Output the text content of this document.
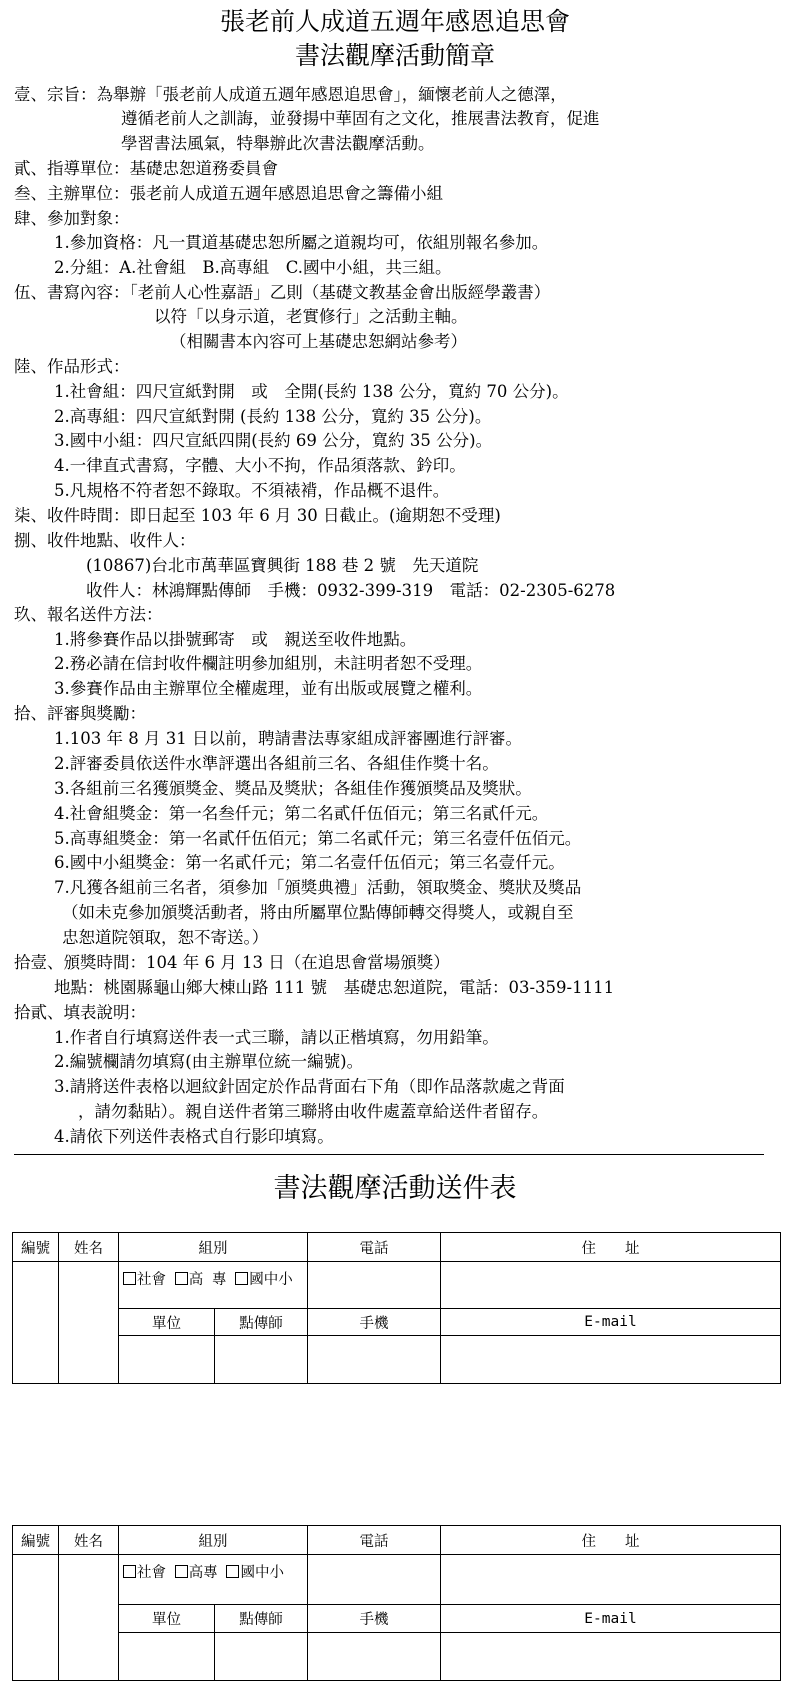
張老前人成道五週年感恩追思會
書法觀摩活動簡章
壹、宗旨：為舉辦「張老前人成道五週年感恩追思會」，緬懷老前人之德澤，
遵循老前人之訓誨，並發揚中華固有之文化，推展書法教育，促進
學習書法風氣，特舉辦此次書法觀摩活動。
貳、指導單位：基礎忠恕道務委員會
叁、主辦單位：張老前人成道五週年感恩追思會之籌備小組
肆、參加對象：
1.參加資格：凡一貫道基礎忠恕所屬之道親均可，依組別報名參加。
2.分組：A.社會組　B.高專組　C.國中小組，共三組。
伍、書寫內容：「老前人心性嘉語」乙則（基礎文教基金會出版經學叢書）
以符「以身示道，老實修行」之活動主軸。
（相關書本內容可上基礎忠恕網站參考）
陸、作品形式：
1.社會組：四尺宣紙對開　或　全開(長約 138 公分，寬約 70 公分)。
2.高專組：四尺宣紙對開 (長約 138 公分，寬約 35 公分)。
3.國中小組：四尺宣紙四開(長約 69 公分，寬約 35 公分)。
4.一律直式書寫，字體、大小不拘，作品須落款、鈐印。
5.凡規格不符者恕不錄取。不須裱褙，作品概不退件。
柒、收件時間：即日起至 103 年 6 月 30 日截止。(逾期恕不受理)
捌、收件地點、收件人：
(10867)台北市萬華區寶興街 188 巷 2 號　先天道院
收件人：林鴻輝點傳師　手機：0932-399-319　電話：02-2305-6278
玖、報名送件方法：
1.將參賽作品以掛號郵寄　或　親送至收件地點。
2.務必請在信封收件欄註明參加組別，未註明者恕不受理。
3.參賽作品由主辦單位全權處理，並有出版或展覽之權利。
拾、評審與獎勵：
1.103 年 8 月 31 日以前，聘請書法專家組成評審團進行評審。
2.評審委員依送件水準評選出各組前三名、各組佳作獎十名。
3.各組前三名獲頒獎金、獎品及獎狀；各組佳作獲頒獎品及獎狀。
4.社會組獎金：第一名叁仟元；第二名貳仟伍佰元；第三名貳仟元。
5.高專組獎金：第一名貳仟伍佰元；第二名貳仟元；第三名壹仟伍佰元。
6.國中小組獎金：第一名貳仟元；第二名壹仟伍佰元；第三名壹仟元。
7.凡獲各組前三名者，須參加「頒獎典禮」活動，領取獎金、獎狀及獎品
（如未克參加頒獎活動者，將由所屬單位點傳師轉交得獎人，或親自至
忠恕道院領取，恕不寄送。）
拾壹、頒獎時間：104 年 6 月 13 日（在追思會當場頒獎）
地點：桃園縣龜山鄉大棟山路 111 號　基礎忠恕道院，電話：03-359-1111
拾貳、填表說明：
1.作者自行填寫送件表一式三聯，請以正楷填寫，勿用鉛筆。
2.編號欄請勿填寫(由主辦單位統一編號)。
3.請將送件表格以迴紋針固定於作品背面右下角（即作品落款處之背面
，請勿黏貼）。親自送件者第三聯將由收件處蓋章給送件者留存。
4.請依下列送件表格式自行影印填寫。
書法觀摩活動送件表
編號	姓名	組別		電話	住　　址
		社會 高 專 國中小			
		單位	點傳師	手機	E-mail

編號	姓名	組別		電話	住　　址
		社會 高專 國中小			
		單位	點傳師	手機	E-mail
